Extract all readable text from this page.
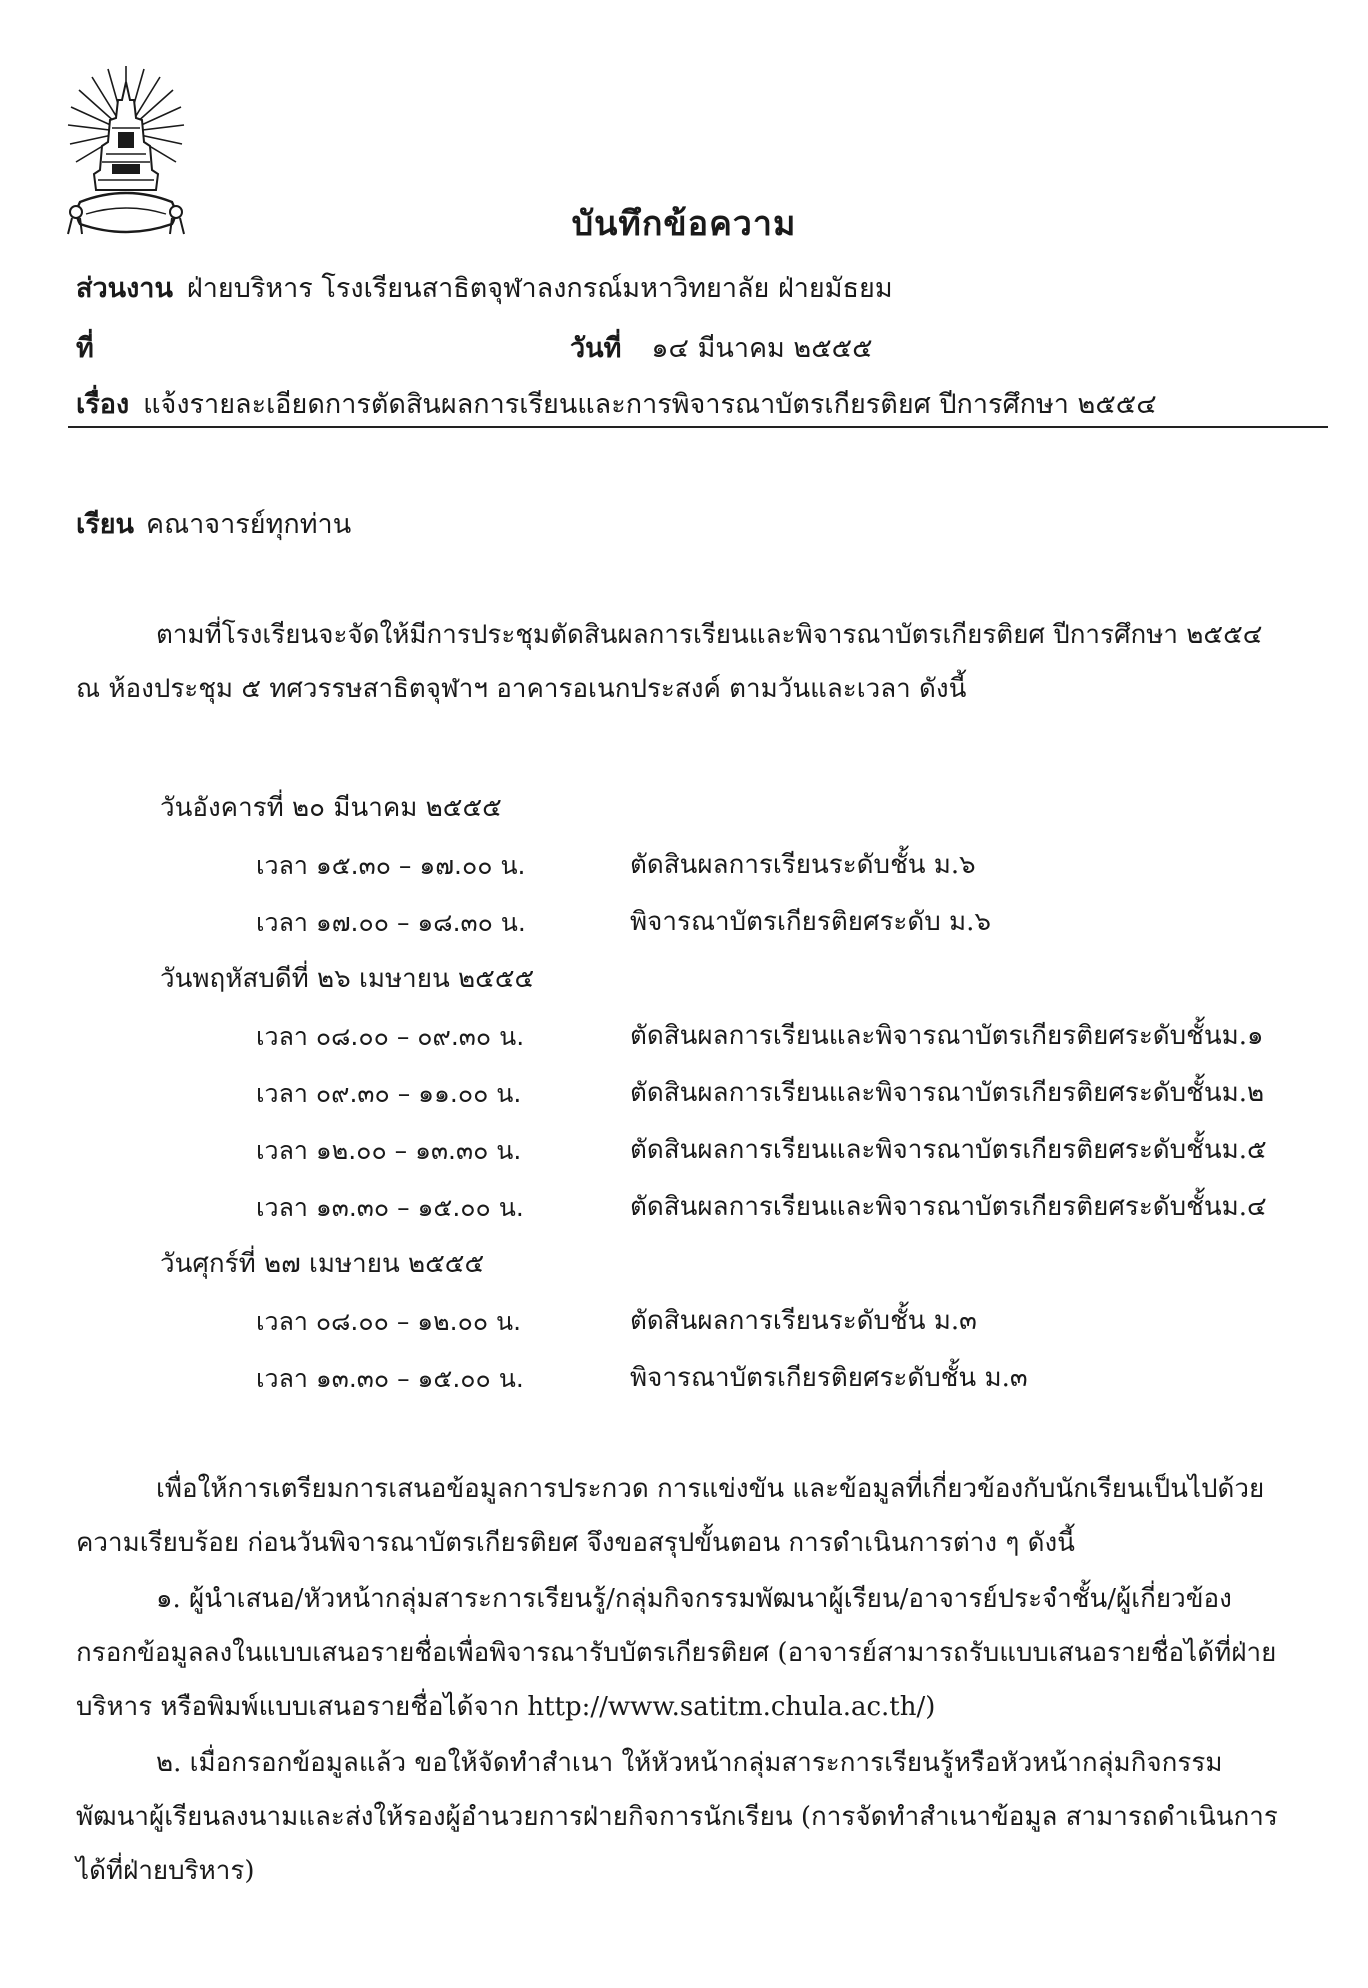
บันทึกข้อความ
ส่วนงาน ฝ่ายบริหาร โรงเรียนสาธิตจุฬาลงกรณ์มหาวิทยาลัย ฝ่ายมัธยม
ที่	วันที่ ๑๔ มีนาคม ๒๕๕๕
เรื่อง แจ้งรายละเอียดการตัดสินผลการเรียนและการพิจารณาบัตรเกียรติยศ ปีการศึกษา ๒๕๕๔
เรียน คณาจารย์ทุกท่าน
ตามที่โรงเรียนจะจัดให้มีการประชุมตัดสินผลการเรียนและพิจารณาบัตรเกียรติยศ ปีการศึกษา ๒๕๕๔
ณ ห้องประชุม ๕ ทศวรรษสาธิตจุฬาฯ อาคารอเนกประสงค์ ตามวันและเวลา ดังนี้
วันอังคารที่ ๒๐ มีนาคม ๒๕๕๕
เวลา ๑๕.๓๐ – ๑๗.๐๐ น.	ตัดสินผลการเรียนระดับชั้น ม.๖
เวลา ๑๗.๐๐ – ๑๘.๓๐ น.	พิจารณาบัตรเกียรติยศระดับ ม.๖
วันพฤหัสบดีที่ ๒๖ เมษายน ๒๕๕๕
เวลา ๐๘.๐๐ – ๐๙.๓๐ น.	ตัดสินผลการเรียนและพิจารณาบัตรเกียรติยศระดับชั้นม.๑
เวลา ๐๙.๓๐ – ๑๑.๐๐ น.	ตัดสินผลการเรียนและพิจารณาบัตรเกียรติยศระดับชั้นม.๒
เวลา ๑๒.๐๐ – ๑๓.๓๐ น.	ตัดสินผลการเรียนและพิจารณาบัตรเกียรติยศระดับชั้นม.๕
เวลา ๑๓.๓๐ – ๑๕.๐๐ น.	ตัดสินผลการเรียนและพิจารณาบัตรเกียรติยศระดับชั้นม.๔
วันศุกร์ที่ ๒๗ เมษายน ๒๕๕๕
เวลา ๐๘.๐๐ – ๑๒.๐๐ น.	ตัดสินผลการเรียนระดับชั้น ม.๓
เวลา ๑๓.๓๐ – ๑๕.๐๐ น.	พิจารณาบัตรเกียรติยศระดับชั้น ม.๓
เพื่อให้การเตรียมการเสนอข้อมูลการประกวด การแข่งขัน และข้อมูลที่เกี่ยวข้องกับนักเรียนเป็นไปด้วย
ความเรียบร้อย ก่อนวันพิจารณาบัตรเกียรติยศ จึงขอสรุปขั้นตอน การดำเนินการต่าง ๆ ดังนี้
๑. ผู้นำเสนอ/หัวหน้ากลุ่มสาระการเรียนรู้/กลุ่มกิจกรรมพัฒนาผู้เรียน/อาจารย์ประจำชั้น/ผู้เกี่ยวข้อง
กรอกข้อมูลลงในแบบเสนอรายชื่อเพื่อพิจารณารับบัตรเกียรติยศ (อาจารย์สามารถรับแบบเสนอรายชื่อได้ที่ฝ่าย
บริหาร หรือพิมพ์แบบเสนอรายชื่อได้จาก http://www.satitm.chula.ac.th/)
๒. เมื่อกรอกข้อมูลแล้ว ขอให้จัดทำสำเนา ให้หัวหน้ากลุ่มสาระการเรียนรู้หรือหัวหน้ากลุ่มกิจกรรม
พัฒนาผู้เรียนลงนามและส่งให้รองผู้อำนวยการฝ่ายกิจการนักเรียน (การจัดทำสำเนาข้อมูล สามารถดำเนินการ
ได้ที่ฝ่ายบริหาร)
